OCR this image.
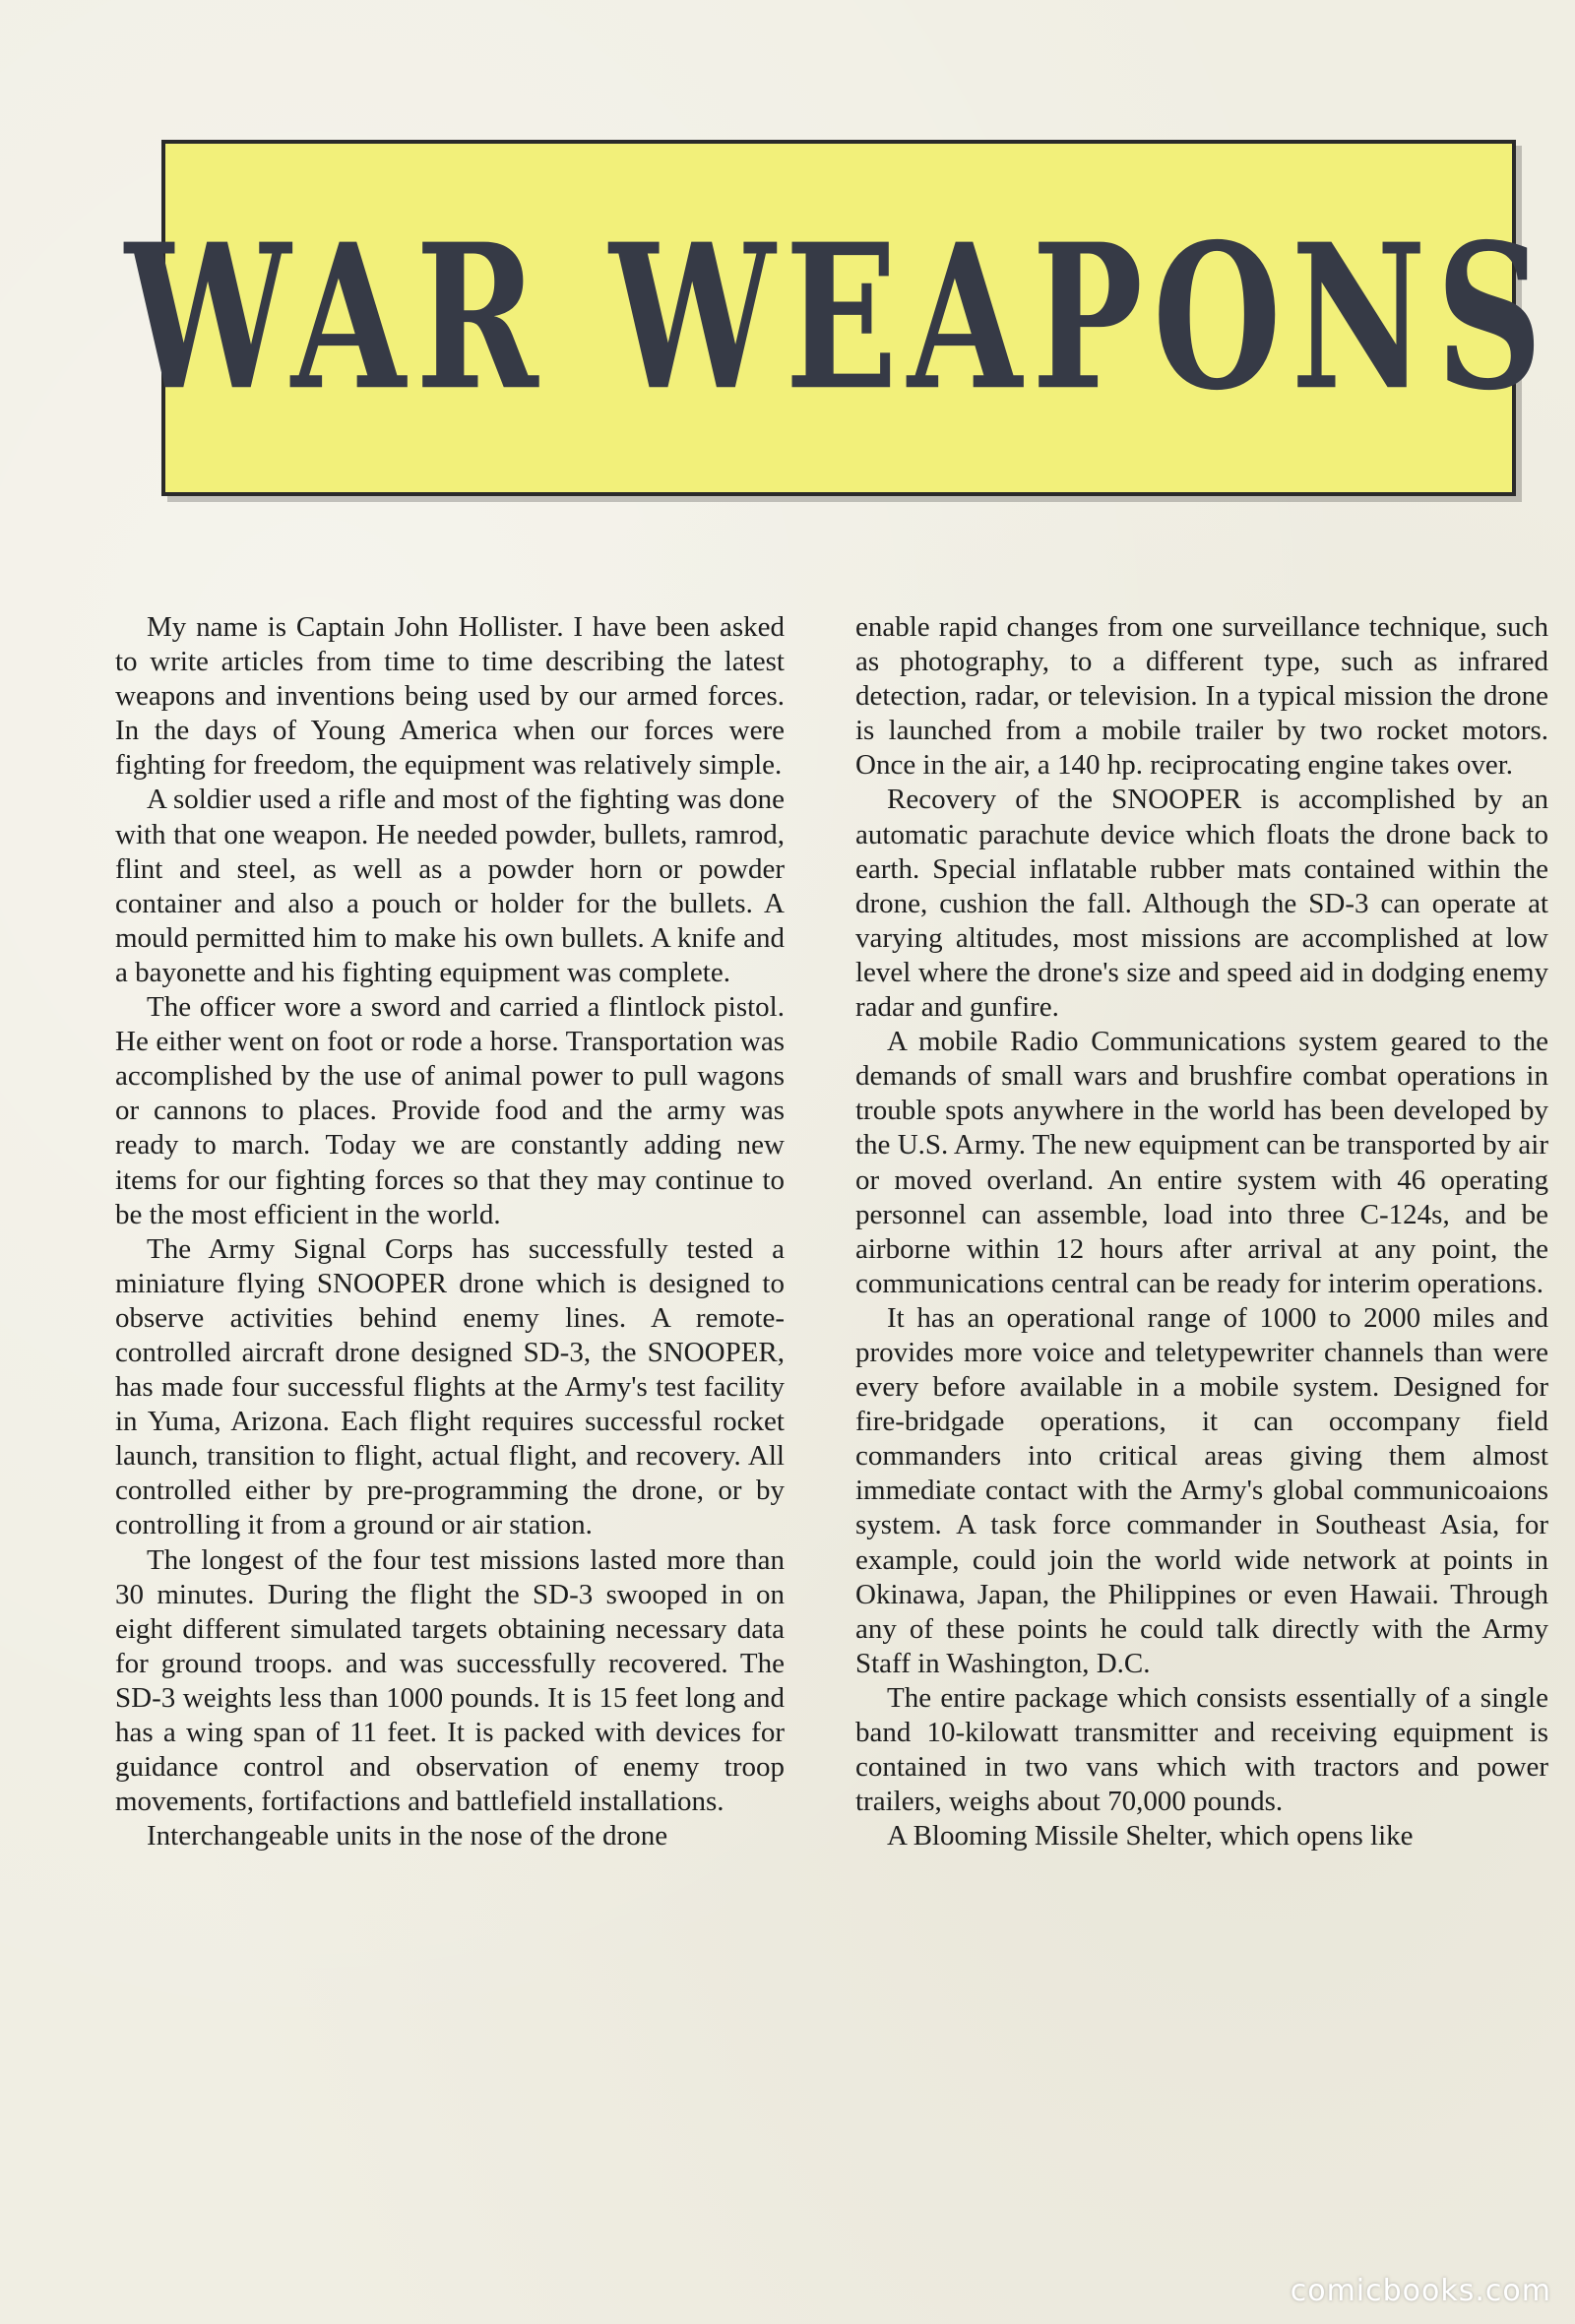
WAR WEAPONS

My name is Captain John Hollister. I have been asked to write articles from time to time describing the latest weapons and inventions being used by our armed forces. In the days of Young America when our forces were fighting for freedom, the equipment was relatively simple.

A soldier used a rifle and most of the fighting was done with that one weapon. He needed powder, bullets, ramrod, flint and steel, as well as a powder horn or powder container and also a pouch or holder for the bullets. A mould permitted him to make his own bullets. A knife and a bayonette and his fighting equipment was complete.

The officer wore a sword and carried a flintlock pistol. He either went on foot or rode a horse. Transportation was accomplished by the use of animal power to pull wagons or cannons to places. Provide food and the army was ready to march. Today we are constantly adding new items for our fighting forces so that they may continue to be the most efficient in the world.

The Army Signal Corps has successfully tested a miniature flying SNOOPER drone which is designed to observe activities behind enemy lines. A remote-controlled aircraft drone designed SD-3, the SNOOPER, has made four successful flights at the Army's test facility in Yuma, Arizona. Each flight requires successful rocket launch, transition to flight, actual flight, and recovery. All controlled either by pre-programming the drone, or by controlling it from a ground or air station.

The longest of the four test missions lasted more than 30 minutes. During the flight the SD-3 swooped in on eight different simulated targets obtaining necessary data for ground troops. and was successfully recovered. The SD-3 weights less than 1000 pounds. It is 15 feet long and has a wing span of 11 feet. It is packed with devices for guidance control and observation of enemy troop movements, fortifactions and battlefield installations.

Interchangeable units in the nose of the drone

enable rapid changes from one surveillance technique, such as photography, to a different type, such as infrared detection, radar, or television. In a typical mission the drone is launched from a mobile trailer by two rocket motors. Once in the air, a 140 hp. reciprocating engine takes over.

Recovery of the SNOOPER is accomplished by an automatic parachute device which floats the drone back to earth. Special inflatable rubber mats contained within the drone, cushion the fall. Although the SD-3 can operate at varying altitudes, most missions are accomplished at low level where the drone's size and speed aid in dodging enemy radar and gunfire.

A mobile Radio Communications system geared to the demands of small wars and brushfire combat operations in trouble spots anywhere in the world has been developed by the U.S. Army. The new equipment can be transported by air or moved overland. An entire system with 46 operating personnel can assemble, load into three C-124s, and be airborne within 12 hours after arrival at any point, the communications central can be ready for interim operations.

It has an operational range of 1000 to 2000 miles and provides more voice and teletypewriter channels than were every before available in a mobile system. Designed for fire-bridgade operations, it can occompany field commanders into critical areas giving them almost immediate contact with the Army's global communicoaions system. A task force commander in Southeast Asia, for example, could join the world wide network at points in Okinawa, Japan, the Philippines or even Hawaii. Through any of these points he could talk directly with the Army Staff in Washington, D.C.

The entire package which consists essentially of a single band 10-kilowatt transmitter and receiving equipment is contained in two vans which with tractors and power trailers, weighs about 70,000 pounds.

A Blooming Missile Shelter, which opens like

comicbooks.com
